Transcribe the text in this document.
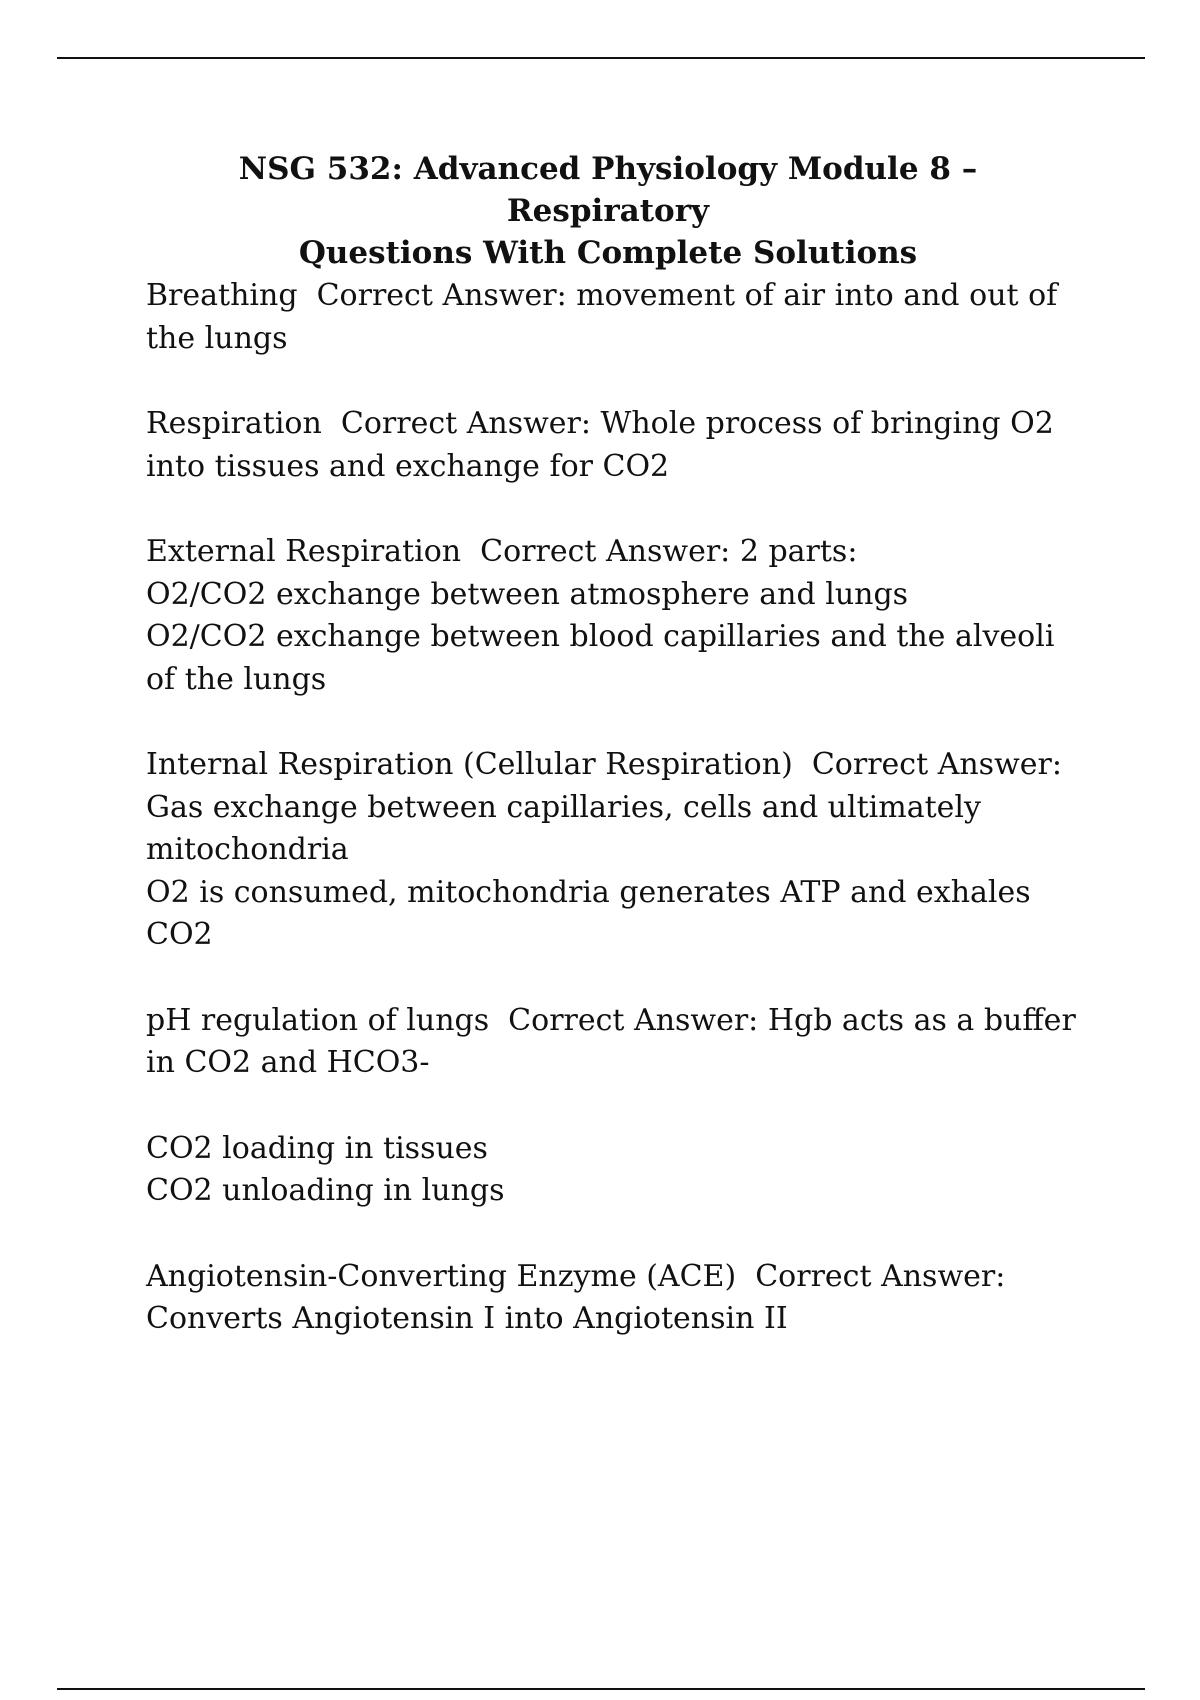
NSG 532: Advanced Physiology Module 8 – Respiratory
Questions With Complete Solutions

Breathing  Correct Answer: movement of air into and out of
the lungs

Respiration  Correct Answer: Whole process of bringing O2
into tissues and exchange for CO2

External Respiration  Correct Answer: 2 parts:
O2/CO2 exchange between atmosphere and lungs
O2/CO2 exchange between blood capillaries and the alveoli
of the lungs

Internal Respiration (Cellular Respiration)  Correct Answer:
Gas exchange between capillaries, cells and ultimately
mitochondria
O2 is consumed, mitochondria generates ATP and exhales
CO2

pH regulation of lungs  Correct Answer: Hgb acts as a buffer
in CO2 and HCO3-

CO2 loading in tissues
CO2 unloading in lungs

Angiotensin-Converting Enzyme (ACE)  Correct Answer:
Converts Angiotensin I into Angiotensin II
